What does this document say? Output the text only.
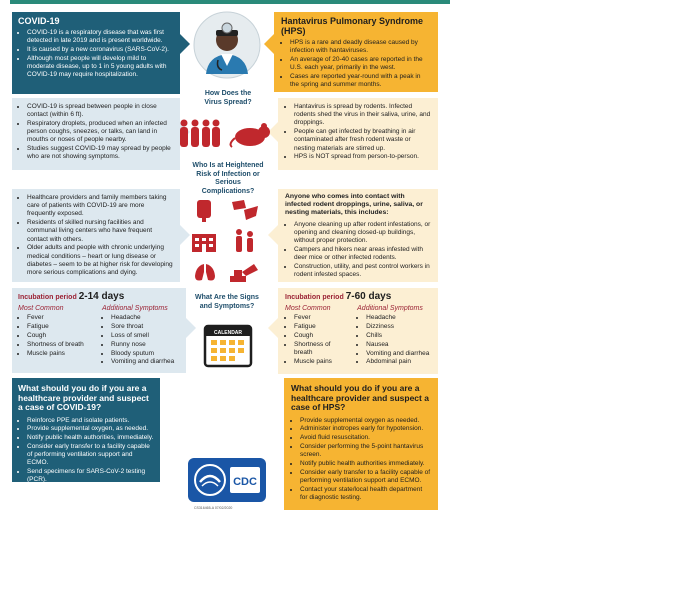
COVID-19
• COVID-19 is a respiratory disease that was first detected in late 2019 and is present worldwide.
• It is caused by a new coronavirus (SARS-CoV-2).
• Although most people will develop mild to moderate disease, up to 1 in 5 young adults with COVID-19 may require hospitalization.
• COVID-19 is spread between people in close contact (within 6 ft).
• Respiratory droplets, produced when an infected person coughs, sneezes, or talks, can land in mouths or noses of people nearby.
• Studies suggest COVID-19 may spread by people who are not showing symptoms.
• Healthcare providers and family members taking care of patients with COVID-19 are more frequently exposed.
• Residents of skilled nursing facilities and communal living centers who have frequent contact with others.
• Older adults and people with chronic underlying medical conditions – heart or lung disease or diabetes – seem to be at higher risk for developing more serious complications and dying.
Incubation period 2-14 days
Most Common
• Fever
• Fatigue
• Cough
• Shortness of breath
• Muscle pains
Additional Symptoms
• Headache
• Sore throat
• Loss of smell
• Runny nose
• Bloody sputum
• Vomiting and diarrhea
What should you do if you are a healthcare provider and suspect a case of COVID-19?
• Reinforce PPE and isolate patients.
• Provide supplemental oxygen, as needed.
• Notify public health authorities, immediately.
• Consider early transfer to a facility capable of performing ventilation support and ECMO.
• Send specimens for SARS-CoV-2 testing (PCR).
Hantavirus Pulmonary Syndrome (HPS)
• HPS is a rare and deadly disease caused by infection with hantaviruses.
• An average of 20-40 cases are reported in the U.S. each year, primarily in the west.
• Cases are reported year-round with a peak in the spring and summer months.
• Hantavirus is spread by rodents. Infected rodents shed the virus in their saliva, urine, and droppings.
• People can get infected by breathing in air contaminated after fresh rodent waste or nesting materials are stirred up.
• HPS is NOT spread from person-to-person.
Anyone who comes into contact with infected rodent droppings, urine, saliva, or nesting materials, this includes:
• Anyone cleaning up after rodent infestations, or opening and cleaning closed-up buildings, without proper protection.
• Campers and hikers near areas infested with deer mice or other infected rodents.
• Construction, utility, and pest control workers in rodent infested spaces.
Incubation period 7-60 days
Most Common
• Fever
• Fatigue
• Cough
• Shortness of breath
• Muscle pains
Additional Symptoms
• Headache
• Dizziness
• Chills
• Nausea
• Vomiting and diarrhea
• Abdominal pain
What should you do if you are a healthcare provider and suspect a case of HPS?
• Provide supplemental oxygen as needed.
• Administer inotropes early for hypotension.
• Avoid fluid resuscitation.
• Consider performing the 5-point hantavirus screen.
• Notify public health authorities immediately.
• Consider early transfer to a facility capable of performing ventilation support and ECMO.
• Contact your state/local health department for diagnostic testing.
How Does the Virus Spread?
Who Is at Heightened Risk of Infection or Serious Complications?
What Are the Signs and Symptoms?
CALENDAR
CDC
CS316465-A 07/02/2020
